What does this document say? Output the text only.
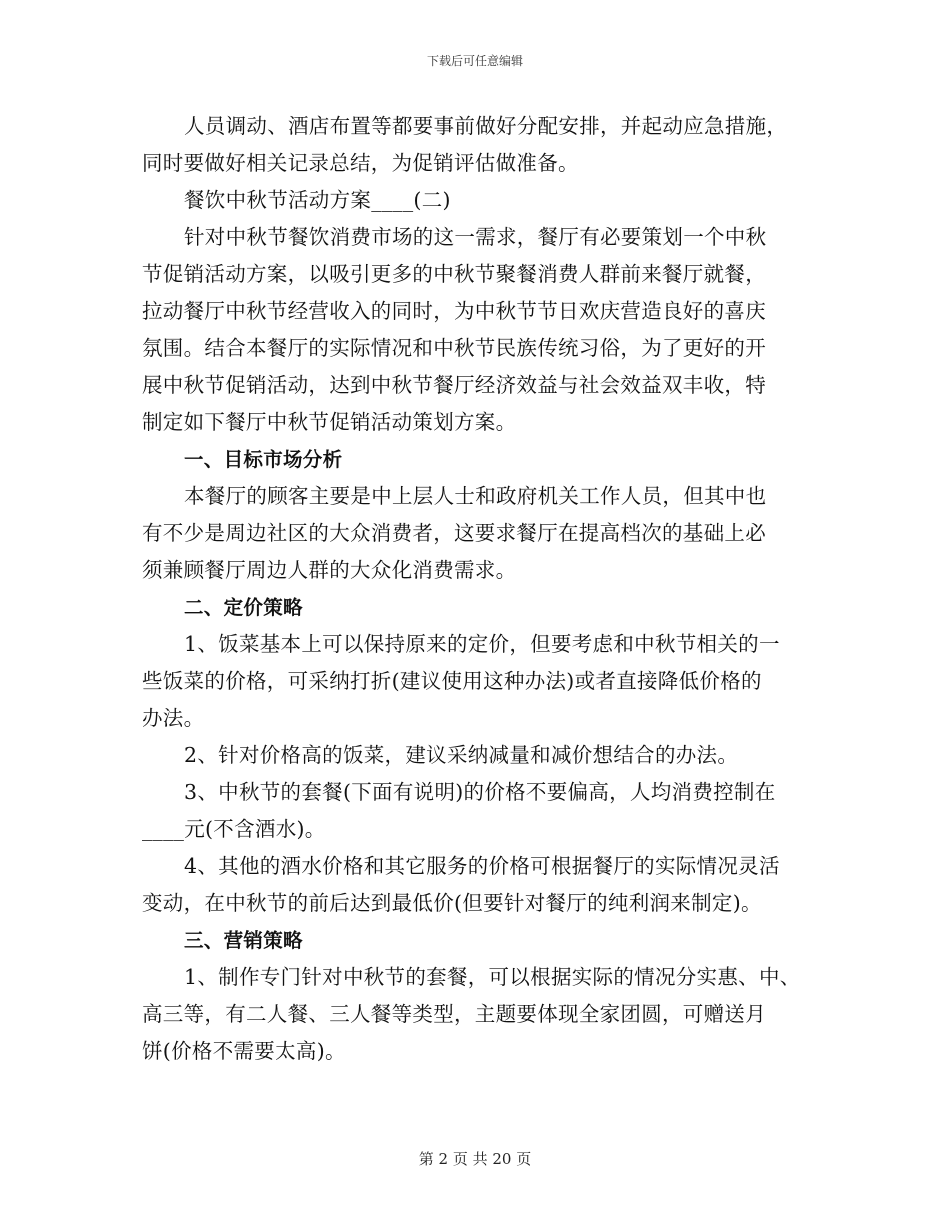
下载后可任意编辑
人员调动、酒店布置等都要事前做好分配安排，并起动应急措施，
同时要做好相关记录总结，为促销评估做准备。
餐饮中秋节活动方案____(二)
针对中秋节餐饮消费市场的这一需求，餐厅有必要策划一个中秋
节促销活动方案，以吸引更多的中秋节聚餐消费人群前来餐厅就餐，
拉动餐厅中秋节经营收入的同时，为中秋节节日欢庆营造良好的喜庆
氛围。结合本餐厅的实际情况和中秋节民族传统习俗，为了更好的开
展中秋节促销活动，达到中秋节餐厅经济效益与社会效益双丰收，特
制定如下餐厅中秋节促销活动策划方案。
一、目标市场分析
本餐厅的顾客主要是中上层人士和政府机关工作人员，但其中也
有不少是周边社区的大众消费者，这要求餐厅在提高档次的基础上必
须兼顾餐厅周边人群的大众化消费需求。
二、定价策略
1、饭菜基本上可以保持原来的定价，但要考虑和中秋节相关的一
些饭菜的价格，可采纳打折(建议使用这种办法)或者直接降低价格的
办法。
2、针对价格高的饭菜，建议采纳减量和减价想结合的办法。
3、中秋节的套餐(下面有说明)的价格不要偏高，人均消费控制在
____元(不含酒水)。
4、其他的酒水价格和其它服务的价格可根据餐厅的实际情况灵活
变动，在中秋节的前后达到最低价(但要针对餐厅的纯利润来制定)。
三、营销策略
1、制作专门针对中秋节的套餐，可以根据实际的情况分实惠、中、
高三等，有二人餐、三人餐等类型，主题要体现全家团圆，可赠送月
饼(价格不需要太高)。
第 2 页 共 20 页
